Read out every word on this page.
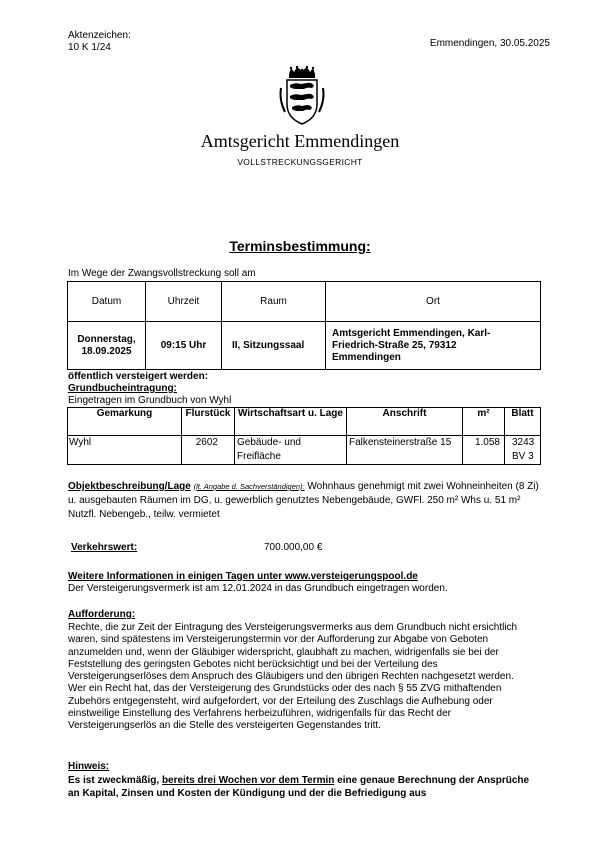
Aktenzeichen:
10 K 1/24	Emmendingen, 30.05.2025
Amtsgericht Emmendingen
VOLLSTRECKUNGSGERICHT
Terminsbestimmung:
Im Wege der Zwangsvollstreckung soll am
Datum	Uhrzeit	Raum	Ort

Donnerstag,
18.09.2025	09:15 Uhr	II, Sitzungssaal	Amtsgericht Emmendingen, Karl-Friedrich-Straße 25, 79312 Emmendingen
öffentlich versteigert werden:
Grundbucheintragung:
Eingetragen im Grundbuch von Wyhl
Gemarkung	Flurstück	Wirtschaftsart u. Lage	Anschrift	m²	Blatt
Wyhl	2602	Gebäude- und Freifläche	Falkensteinerstraße 15	1.058	3243
BV 3
Objektbeschreibung/Lage (lt. Angabe d. Sachverständigen): Wohnhaus genehmigt mit zwei Wohneinheiten (8 Zi) u. ausgebauten Räumen im DG, u. gewerblich genutztes Nebengebäude, GWFl. 250 m² Whs u. 51 m² Nutzfl. Nebengeb., teilw. vermietet
Verkehrswert:	700.000,00 €
Weitere Informationen in einigen Tagen unter www.versteigerungspool.de
Der Versteigerungsvermerk ist am 12.01.2024 in das Grundbuch eingetragen worden.
Aufforderung:
Rechte, die zur Zeit der Eintragung des Versteigerungsvermerks aus dem Grundbuch nicht ersichtlich waren, sind spätestens im Versteigerungstermin vor der Aufforderung zur Abgabe von Geboten anzumelden und, wenn der Gläubiger widerspricht, glaubhaft zu machen, widrigenfalls sie bei der Feststellung des geringsten Gebotes nicht berücksichtigt und bei der Verteilung des Versteigerungserlöses dem Anspruch des Gläubigers und den übrigen Rechten nachgesetzt werden.
Wer ein Recht hat, das der Versteigerung des Grundstücks oder des nach § 55 ZVG mithaftenden Zubehörs entgegensteht, wird aufgefordert, vor der Erteilung des Zuschlags die Aufhebung oder einstweilige Einstellung des Verfahrens herbeizuführen, widrigenfalls für das Recht der Versteigerungserlös an die Stelle des versteigerten Gegenstandes tritt.
Hinweis:
Es ist zweckmäßig, bereits drei Wochen vor dem Termin eine genaue Berechnung der Ansprüche an Kapital, Zinsen und Kosten der Kündigung und der die Befriedigung aus
